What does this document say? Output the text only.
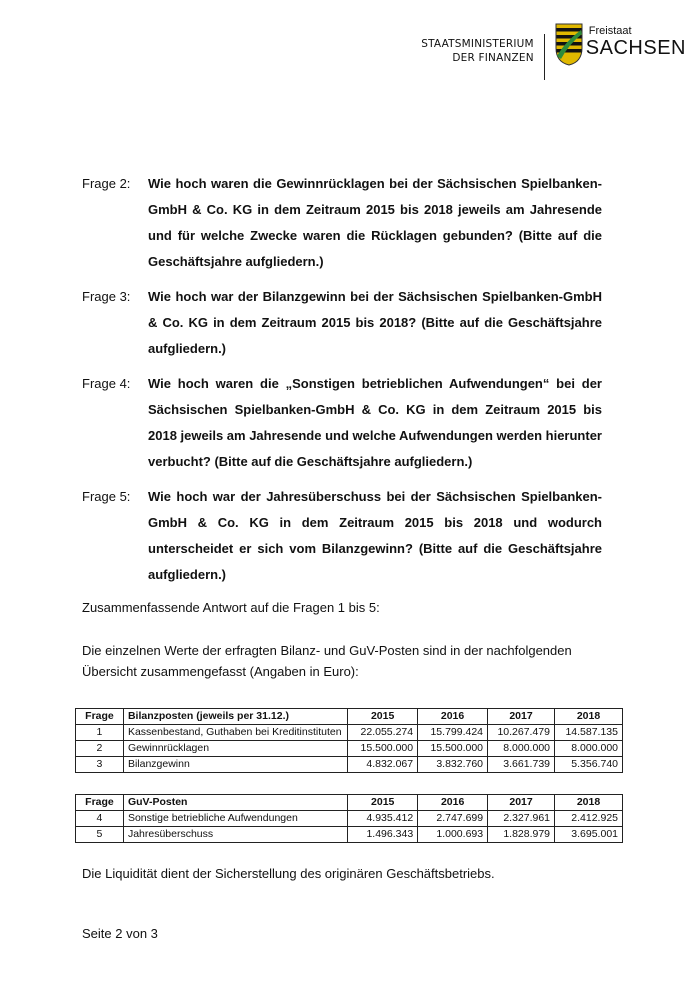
STAATSMINISTERIUM
DER FINANZEN
Freistaat
SACHSEN
Frage 2: Wie hoch waren die Gewinnrücklagen bei der Sächsischen Spielbanken-GmbH & Co. KG in dem Zeitraum 2015 bis 2018 jeweils am Jahresende und für welche Zwecke waren die Rücklagen gebunden? (Bitte auf die Geschäftsjahre aufgliedern.)
Frage 3: Wie hoch war der Bilanzgewinn bei der Sächsischen Spielbanken-GmbH & Co. KG in dem Zeitraum 2015 bis 2018? (Bitte auf die Geschäftsjahre aufgliedern.)
Frage 4: Wie hoch waren die „Sonstigen betrieblichen Aufwendungen“ bei der Sächsischen Spielbanken-GmbH & Co. KG in dem Zeitraum 2015 bis 2018 jeweils am Jahresende und welche Aufwendungen werden hierunter verbucht? (Bitte auf die Geschäftsjahre aufgliedern.)
Frage 5: Wie hoch war der Jahresüberschuss bei der Sächsischen Spielbanken-GmbH & Co. KG in dem Zeitraum 2015 bis 2018 und wodurch unterscheidet er sich vom Bilanzgewinn? (Bitte auf die Geschäftsjahre aufgliedern.)
Zusammenfassende Antwort auf die Fragen 1 bis 5:
Die einzelnen Werte der erfragten Bilanz- und GuV-Posten sind in der nachfolgenden Übersicht zusammengefasst (Angaben in Euro):
Frage	Bilanzposten (jeweils per 31.12.)	2015	2016	2017	2018
1	Kassenbestand, Guthaben bei Kreditinstituten	22.055.274	15.799.424	10.267.479	14.587.135
2	Gewinnrücklagen	15.500.000	15.500.000	8.000.000	8.000.000
3	Bilanzgewinn	4.832.067	3.832.760	3.661.739	5.356.740
Frage	GuV-Posten	2015	2016	2017	2018
4	Sonstige betriebliche Aufwendungen	4.935.412	2.747.699	2.327.961	2.412.925
5	Jahresüberschuss	1.496.343	1.000.693	1.828.979	3.695.001
Die Liquidität dient der Sicherstellung des originären Geschäftsbetriebs.
Seite 2 von 3
